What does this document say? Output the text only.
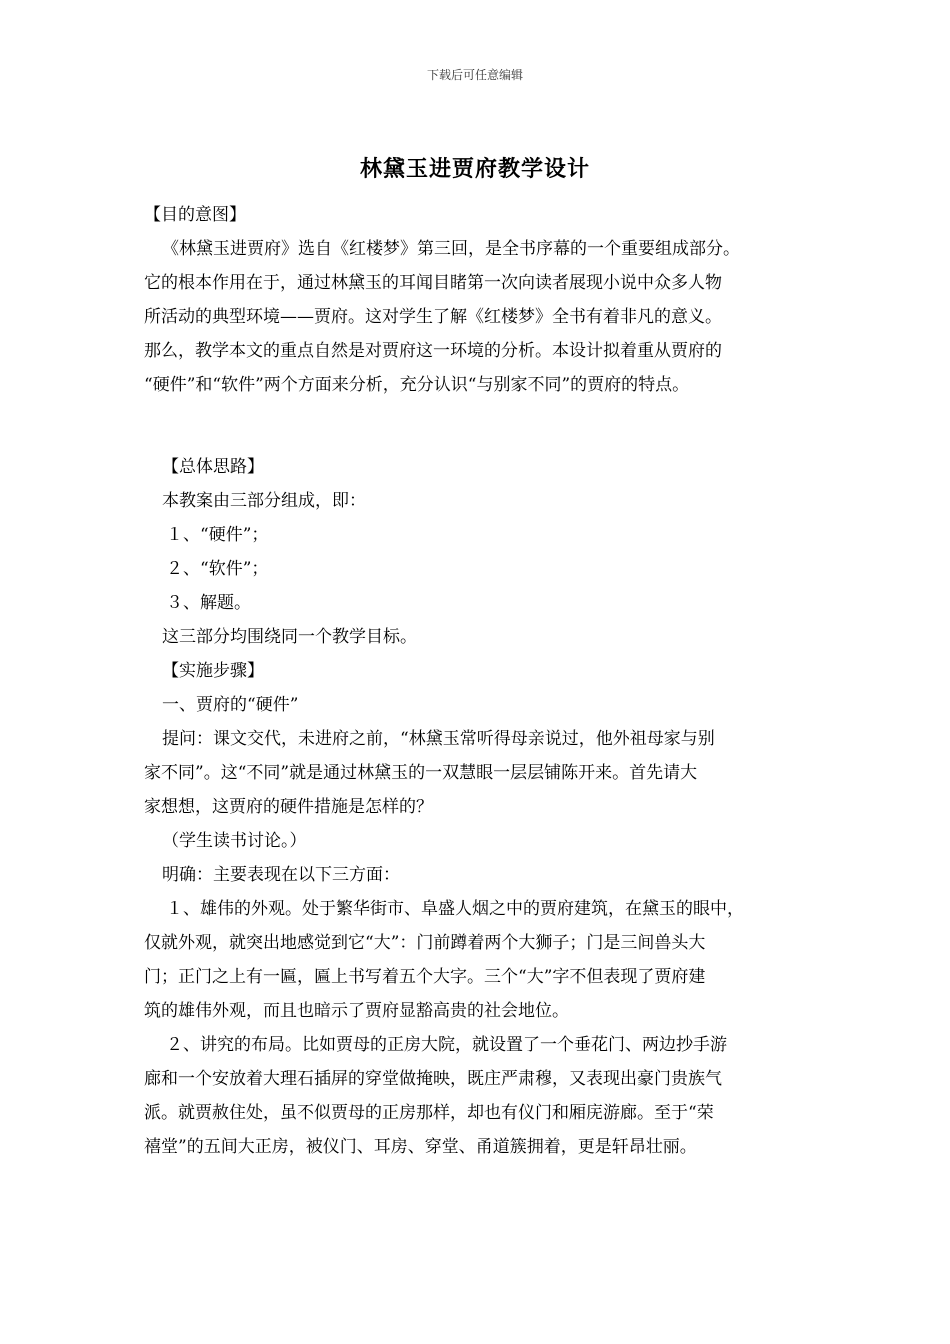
下载后可任意编辑
林黛玉进贾府教学设计
【目的意图】
《林黛玉进贾府》选自《红楼梦》第三回，是全书序幕的一个重要组成部分。
它的根本作用在于，通过林黛玉的耳闻目睹第一次向读者展现小说中众多人物
所活动的典型环境——贾府。这对学生了解《红楼梦》全书有着非凡的意义。
那么，教学本文的重点自然是对贾府这一环境的分析。本设计拟着重从贾府的
“硬件”和“软件”两个方面来分析，充分认识“与别家不同”的贾府的特点。
【总体思路】
本教案由三部分组成，即：
１、“硬件”；
２、“软件”；
３、解题。
这三部分均围绕同一个教学目标。
【实施步骤】
一、贾府的“硬件”
提问：课文交代，未进府之前，“林黛玉常听得母亲说过，他外祖母家与别
家不同”。这“不同”就是通过林黛玉的一双慧眼一层层铺陈开来。首先请大
家想想，这贾府的硬件措施是怎样的？
（学生读书讨论。）
明确：主要表现在以下三方面：
１、雄伟的外观。处于繁华街市、阜盛人烟之中的贾府建筑，在黛玉的眼中，
仅就外观，就突出地感觉到它“大”：门前蹲着两个大狮子；门是三间兽头大
门；正门之上有一匾，匾上书写着五个大字。三个“大”字不但表现了贾府建
筑的雄伟外观，而且也暗示了贾府显豁高贵的社会地位。
２、讲究的布局。比如贾母的正房大院，就设置了一个垂花门、两边抄手游
廊和一个安放着大理石插屏的穿堂做掩映，既庄严肃穆，又表现出豪门贵族气
派。就贾赦住处，虽不似贾母的正房那样，却也有仪门和厢庑游廊。至于“荣
禧堂”的五间大正房，被仪门、耳房、穿堂、甬道簇拥着，更是轩昂壮丽。
